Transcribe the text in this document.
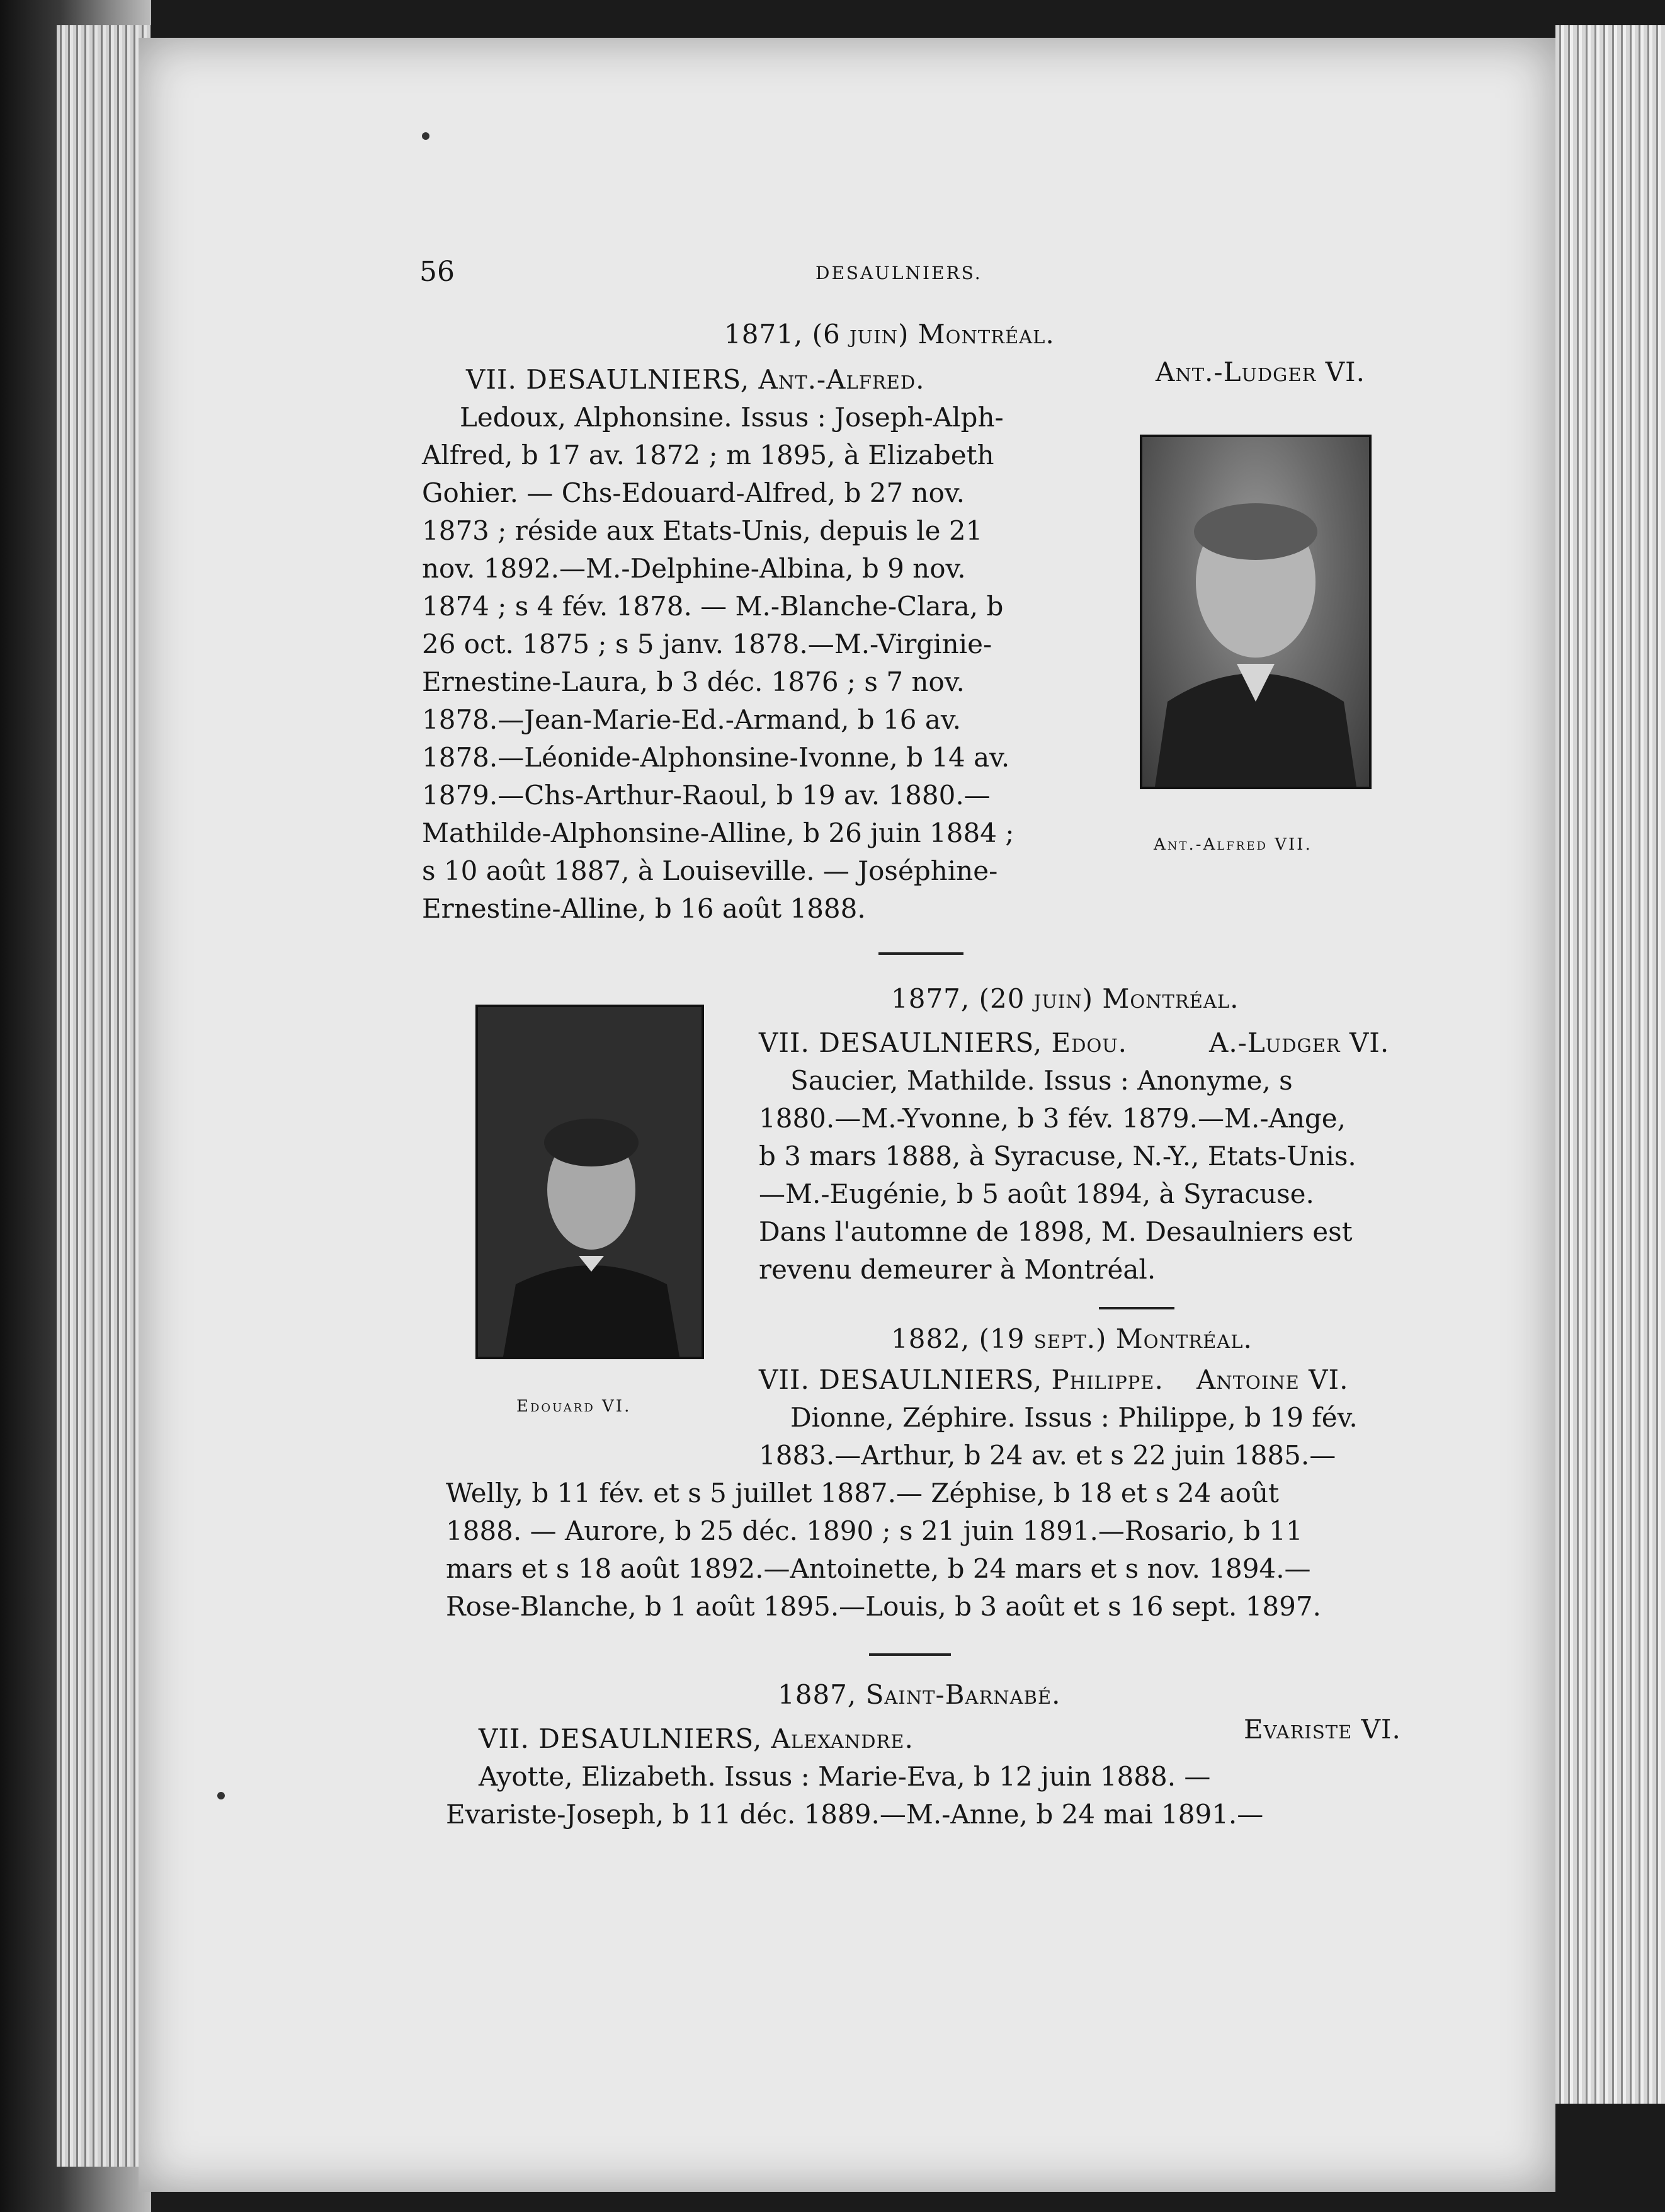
56	DESAULNIERS.
1871, (6 juin) Montréal.
VII. DESAULNIERS, Ant.-Alfred.	Ant.-Ludger VI.
Ledoux, Alphonsine. Issus : Joseph-Alph-
Alfred, b 17 av. 1872 ; m 1895, à Elizabeth
Gohier. — Chs-Edouard-Alfred, b 27 nov.
1873 ; réside aux Etats-Unis, depuis le 21
nov. 1892.—M.-Delphine-Albina, b 9 nov.
1874 ; s 4 fév. 1878. — M.-Blanche-Clara, b
26 oct. 1875 ; s 5 janv. 1878.—M.-Virginie-
Ernestine-Laura, b 3 déc. 1876 ; s 7 nov.
1878.—Jean-Marie-Ed.-Armand, b 16 av.
1878.—Léonide-Alphonsine-Ivonne, b 14 av.
1879.—Chs-Arthur-Raoul, b 19 av. 1880.—
Mathilde-Alphonsine-Alline, b 26 juin 1884 ;
s 10 août 1887, à Louiseville. — Joséphine-
Ernestine-Alline, b 16 août 1888.
Ant.-Alfred VII.
1877, (20 juin) Montréal.
VII. DESAULNIERS, Edou.	A.-Ludger VI.
Saucier, Mathilde. Issus : Anonyme, s
1880.—M.-Yvonne, b 3 fév. 1879.—M.-Ange,
b 3 mars 1888, à Syracuse, N.-Y., Etats-Unis.
—M.-Eugénie, b 5 août 1894, à Syracuse.
Dans l'automne de 1898, M. Desaulniers est
revenu demeurer à Montréal.
Edouard VI.
1882, (19 sept.) Montréal.
VII. DESAULNIERS, Philippe. Antoine VI.
Dionne, Zéphire. Issus : Philippe, b 19 fév.
1883.—Arthur, b 24 av. et s 22 juin 1885.—
Welly, b 11 fév. et s 5 juillet 1887.— Zéphise, b 18 et s 24 août
1888. — Aurore, b 25 déc. 1890 ; s 21 juin 1891.—Rosario, b 11
mars et s 18 août 1892.—Antoinette, b 24 mars et s nov. 1894.—
Rose-Blanche, b 1 août 1895.—Louis, b 3 août et s 16 sept. 1897.
1887, Saint-Barnabé.
VII. DESAULNIERS, Alexandre.	Evariste VI.
Ayotte, Elizabeth. Issus : Marie-Eva, b 12 juin 1888. —
Evariste-Joseph, b 11 déc. 1889.—M.-Anne, b 24 mai 1891.—
